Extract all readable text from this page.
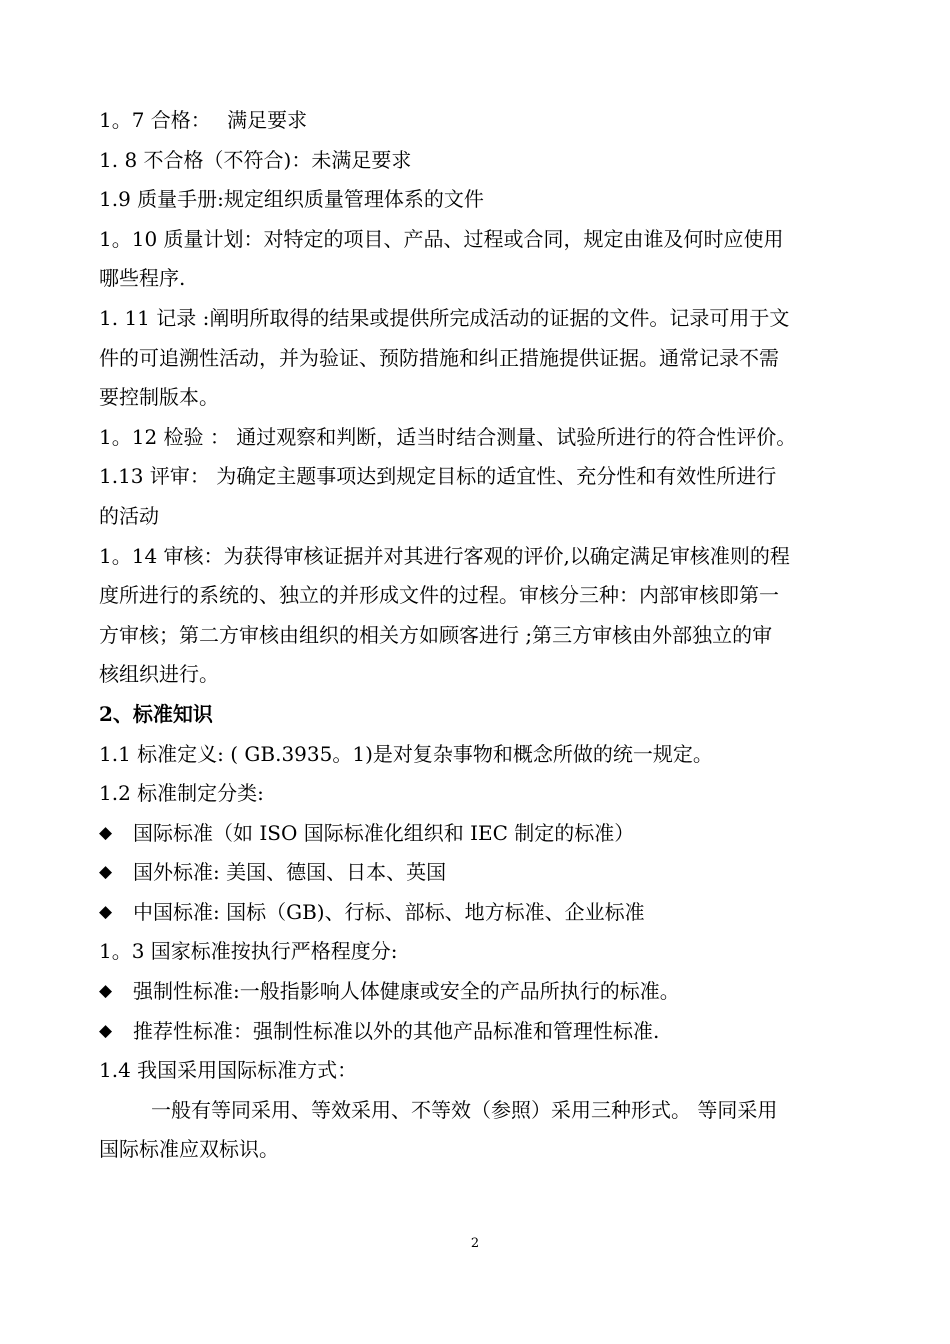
1。7 合格：　 满足要求
1. 8 不合格（不符合)：未满足要求
1.9 质量手册:规定组织质量管理体系的文件
1。10 质量计划：对特定的项目、产品、过程或合同，规定由谁及何时应使用
哪些程序.
1. 11 记录 :阐明所取得的结果或提供所完成活动的证据的文件。记录可用于文
件的可追溯性活动，并为验证、预防措施和纠正措施提供证据。通常记录不需
要控制版本。
1。12 检验 ： 通过观察和判断，适当时结合测量、试验所进行的符合性评价。
1.13 评审： 为确定主题事项达到规定目标的适宜性、充分性和有效性所进行
的活动
1。14 审核：为获得审核证据并对其进行客观的评价,以确定满足审核准则的程
度所进行的系统的、独立的并形成文件的过程。审核分三种：内部审核即第一
方审核；第二方审核由组织的相关方如顾客进行 ;第三方审核由外部独立的审
核组织进行。
2、标准知识
1.1 标准定义: ( GB.3935。1)是对复杂事物和概念所做的统一规定。
1.2 标准制定分类:
◆	国际标准（如 ISO 国际标准化组织和 IEC 制定的标准）
◆	国外标准: 美国、德国、日本、英国
◆	中国标准: 国标（GB)、行标、部标、地方标准、企业标准
1。3 国家标准按执行严格程度分:
◆	强制性标准:一般指影响人体健康或安全的产品所执行的标准。
◆	推荐性标准：强制性标准以外的其他产品标准和管理性标准.
1.4 我国采用国际标准方式：
一般有等同采用、等效采用、不等效（参照）采用三种形式。 等同采用
国际标准应双标识。
2
